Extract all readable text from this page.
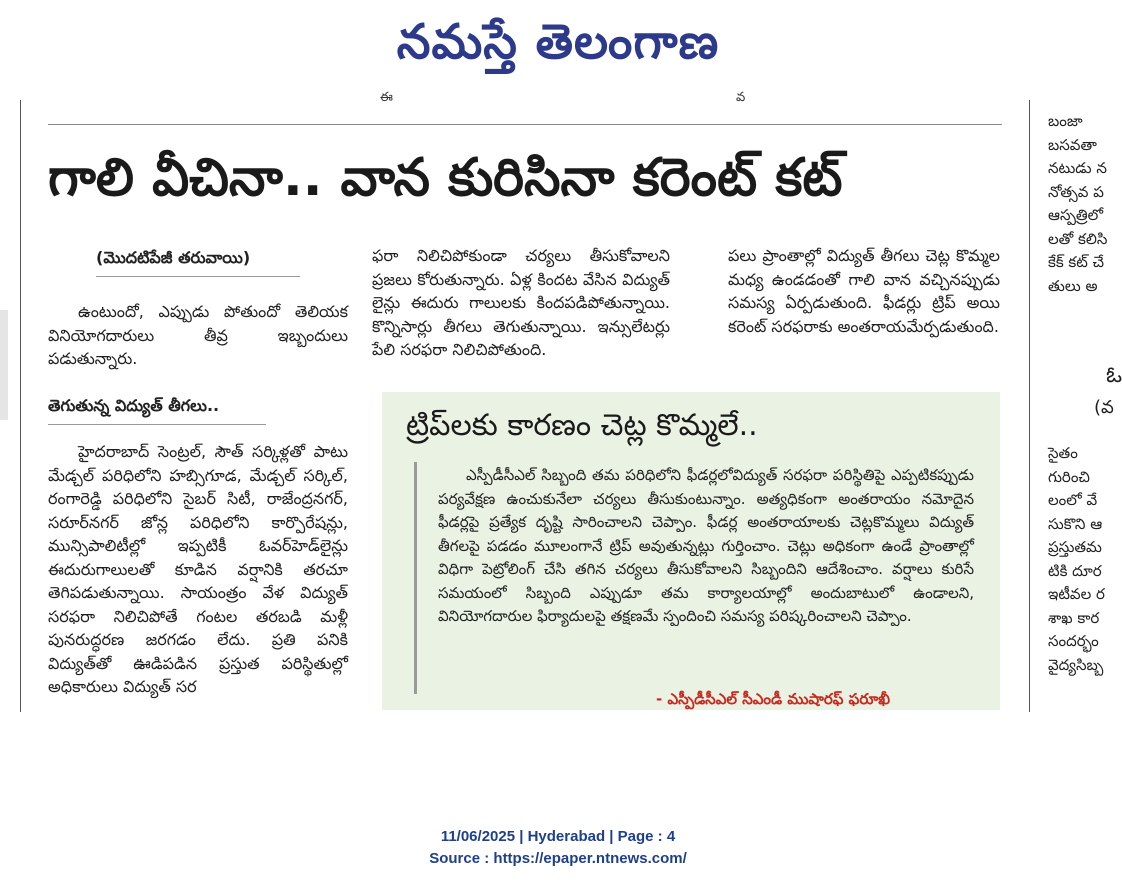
నమస్తే తెలంగాణ
ఈ	వ
గాలి వీచినా.. వాన కురిసినా కరెంట్ కట్
(మొదటిపేజీ తరువాయి)

ఉంటుందో, ఎప్పుడు పోతుందో తెలియక వినియోగదారులు తీవ్ర ఇబ్బందులు పడుతున్నారు.

తెగుతున్న విద్యుత్ తీగలు..

హైదరాబాద్ సెంట్రల్, సౌత్ సర్కిళ్లతో పాటు మేడ్చల్ పరిధిలోని హబ్సిగూడ, మేడ్చల్ సర్కిల్, రంగారెడ్డి పరిధిలోని సైబర్ సిటీ, రాజేంద్రనగర్, సరూర్‌నగర్ జోన్ల పరిధిలోని కార్పొరేషన్లు, మున్సిపాలిటీల్లో ఇప్పటికీ ఓవర్‌హెడ్‌లైన్లు ఈదురుగాలులతో కూడిన వర్షానికి తరచూ తెగిపడుతున్నాయి. సాయంత్రం వేళ విద్యుత్ సరఫరా నిలిచిపోతే గంటల తరబడి మళ్లీ పునరుద్ధరణ జరగడం లేదు. ప్రతి పనికి విద్యుత్‌తో ఊడిపడిన ప్రస్తుత పరిస్థితుల్లో అధికారులు విద్యుత్ సర

ఫరా నిలిచిపోకుండా చర్యలు తీసుకోవాలని ప్రజలు కోరుతున్నారు. ఏళ్ల కిందట వేసిన విద్యుత్ లైన్లు ఈదురు గాలులకు కిందపడిపోతున్నాయి. కొన్నిసార్లు తీగలు తెగుతున్నాయి. ఇన్సులేటర్లు పేలి సరఫరా నిలిచిపోతుంది.

పలు ప్రాంతాల్లో విద్యుత్ తీగలు చెట్ల కొమ్మల మధ్య ఉండడంతో గాలి వాన వచ్చినప్పుడు సమస్య ఏర్పడుతుంది. ఫీడర్లు ట్రిప్ అయి కరెంట్ సరఫరాకు అంతరాయమేర్పడుతుంది.

ట్రిప్‌లకు కారణం చెట్ల కొమ్మలే..

ఎస్పీడీసీఎల్ సిబ్బంది తమ పరిధిలోని ఫీడర్లలోవిద్యుత్ సరఫరా పరిస్థితిపై ఎప్పటికప్పుడు పర్యవేక్షణ ఉంచుకునేలా చర్యలు తీసుకుంటున్నాం. అత్యధికంగా అంతరాయం నమోదైన ఫీడర్లపై ప్రత్యేక దృష్టి సారించాలని చెప్పాం. ఫీడర్ల అంతరాయాలకు చెట్లకొమ్మలు విద్యుత్ తీగలపై పడడం మూలంగానే ట్రిప్ అవుతున్నట్లు గుర్తించాం. చెట్లు అధికంగా ఉండే ప్రాంతాల్లో విధిగా పెట్రోలింగ్ చేసి తగిన చర్యలు తీసుకోవాలని సిబ్బందిని ఆదేశించాం. వర్షాలు కురిసే సమయంలో సిబ్బంది ఎప్పుడూ తమ కార్యాలయాల్లో అందుబాటులో ఉండాలని, వినియోగదారుల ఫిర్యాదులపై తక్షణమే స్పందించి సమస్య పరిష్కరించాలని చెప్పాం.

- ఎస్పీడీసీఎల్ సీఎండీ ముషారఫ్ ఫరూఖీ
బంజా
బసవతా
నటుడు న
నోత్సవ ప
ఆస్పత్రిలో
లతో కలిసి
కేక్ కట్ చే
తులు అ
ఓ
(వ
సైతం
గురించి
లంలో వే
సుకొని ఆ
ప్రస్తుతమ
టికి దూర
ఇటీవల ర
శాఖ కార
సందర్భం
వైద్యసిబ్బ
11/06/2025 | Hyderabad | Page : 4
Source : https://epaper.ntnews.com/
